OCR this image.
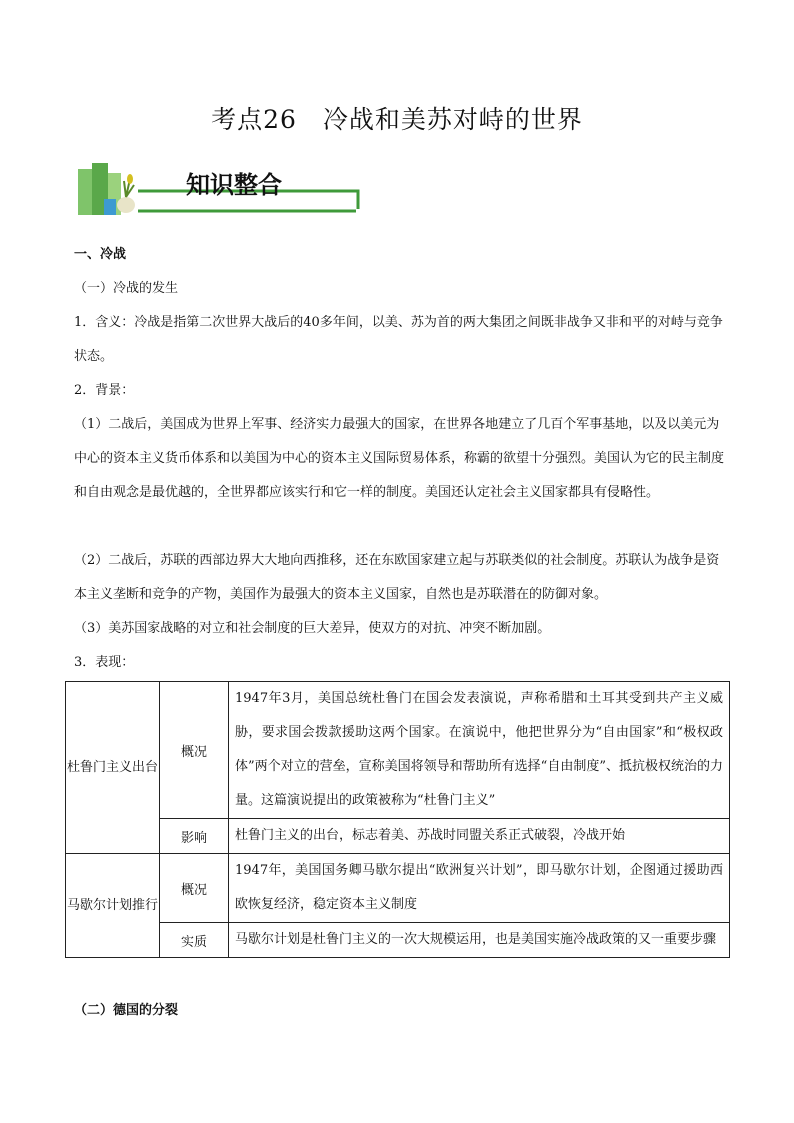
考点26　冷战和美苏对峙的世界
知识整合
一、冷战
（一）冷战的发生
1．含义：冷战是指第二次世界大战后的40多年间，以美、苏为首的两大集团之间既非战争又非和平的对峙与竞争状态。
2．背景：
（1）二战后，美国成为世界上军事、经济实力最强大的国家，在世界各地建立了几百个军事基地，以及以美元为中心的资本主义货币体系和以美国为中心的资本主义国际贸易体系，称霸的欲望十分强烈。美国认为它的民主制度和自由观念是最优越的，全世界都应该实行和它一样的制度。美国还认定社会主义国家都具有侵略性。
（2）二战后，苏联的西部边界大大地向西推移，还在东欧国家建立起与苏联类似的社会制度。苏联认为战争是资本主义垄断和竞争的产物，美国作为最强大的资本主义国家，自然也是苏联潜在的防御对象。
（3）美苏国家战略的对立和社会制度的巨大差异，使双方的对抗、冲突不断加剧。
3．表现：
杜鲁门主义出台	概况	1947年3月，美国总统杜鲁门在国会发表演说，声称希腊和土耳其受到共产主义威胁，要求国会拨款援助这两个国家。在演说中，他把世界分为“自由国家”和“极权政体”两个对立的营垒，宣称美国将领导和帮助所有选择“自由制度”、抵抗极权统治的力量。这篇演说提出的政策被称为“杜鲁门主义”
	影响	杜鲁门主义的出台，标志着美、苏战时同盟关系正式破裂，冷战开始
马歇尔计划推行	概况	1947年，美国国务卿马歇尔提出“欧洲复兴计划”，即马歇尔计划，企图通过援助西欧恢复经济，稳定资本主义制度
	实质	马歇尔计划是杜鲁门主义的一次大规模运用，也是美国实施冷战政策的又一重要步骤
（二）德国的分裂
